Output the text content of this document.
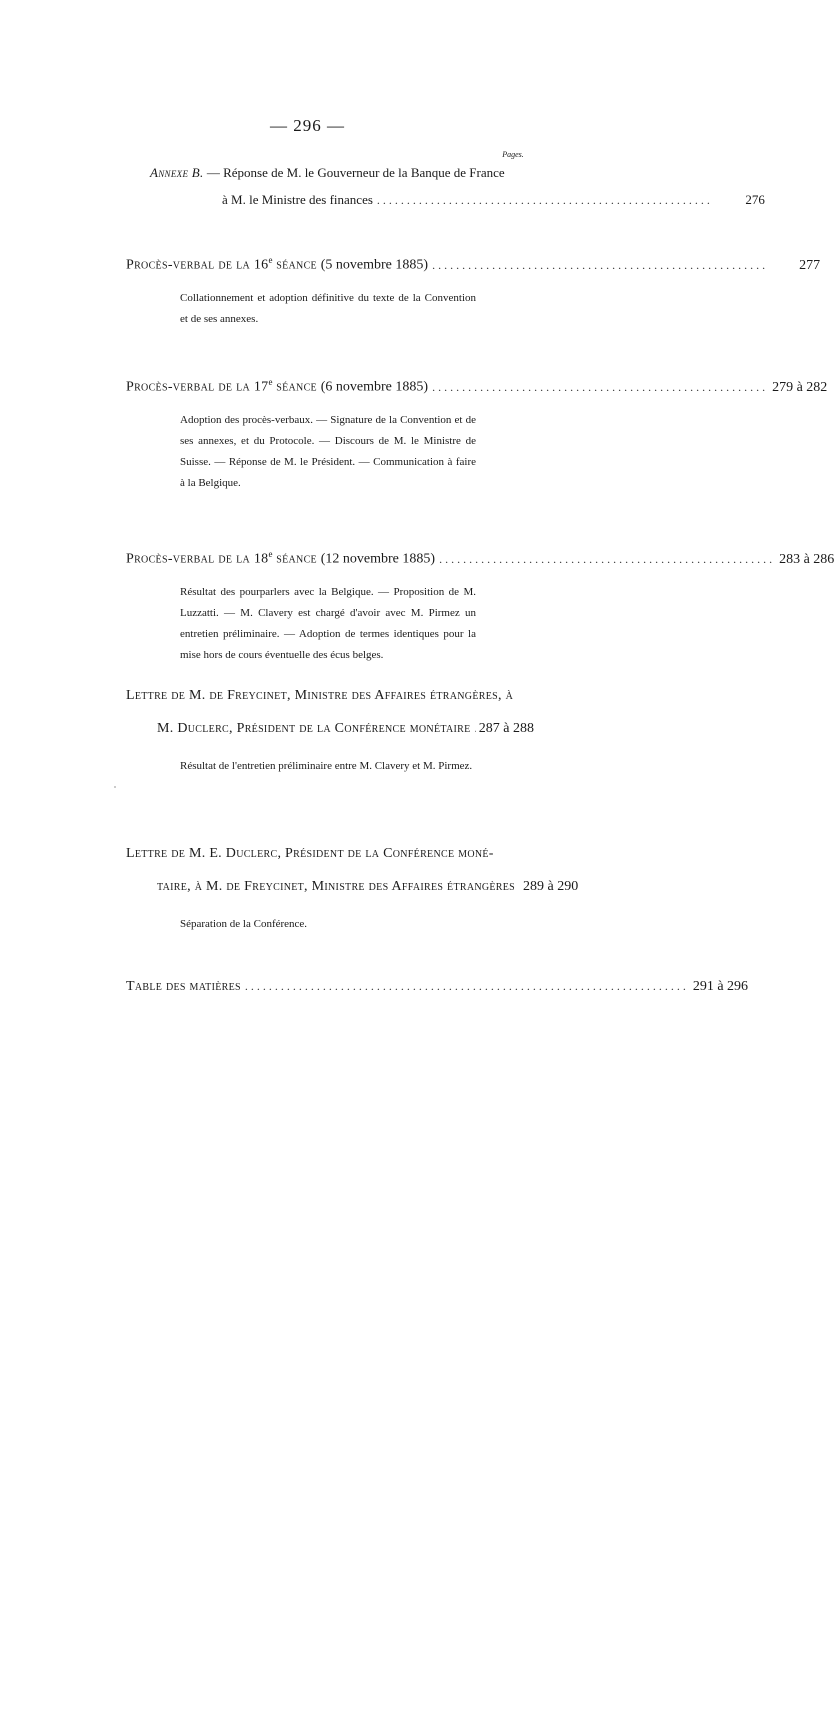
— 296 —
Pages.
Annexe B. — Réponse de M. le Gouverneur de la Banque de France
à M. le Ministre des finances ........................................................	276
Procès-verbal de la 16e séance (5 novembre 1885) ........................................................	277
Collationnement et adoption définitive du texte de la Convention et de ses annexes.
Procès-verbal de la 17e séance (6 novembre 1885) ........................................................ 279 à 282
Adoption des procès-verbaux. — Signature de la Convention et de ses annexes, et du Protocole. — Discours de M. le Ministre de Suisse. — Réponse de M. le Président. — Communication à faire à la Belgique.
Procès-verbal de la 18e séance (12 novembre 1885) ........................................................ 283 à 286
Résultat des pourparlers avec la Belgique. — Proposition de M. Luzzatti. — M. Clavery est chargé d'avoir avec M. Pirmez un entretien préliminaire. — Adoption de termes identiques pour la mise hors de cours éventuelle des écus belges.
Lettre de M. de Freycinet, Ministre des Affaires étrangères, à
M. Duclerc, Président de la Conférence monétaire 287 à 288
Résultat de l'entretien préliminaire entre M. Clavery et M. Pirmez.
Lettre de M. E. Duclerc, Président de la Conférence moné-
taire, à M. de Freycinet, Ministre des Affaires étrangères 289 à 290
Séparation de la Conférence.
Table des matières .......................................................................... 291 à 296
